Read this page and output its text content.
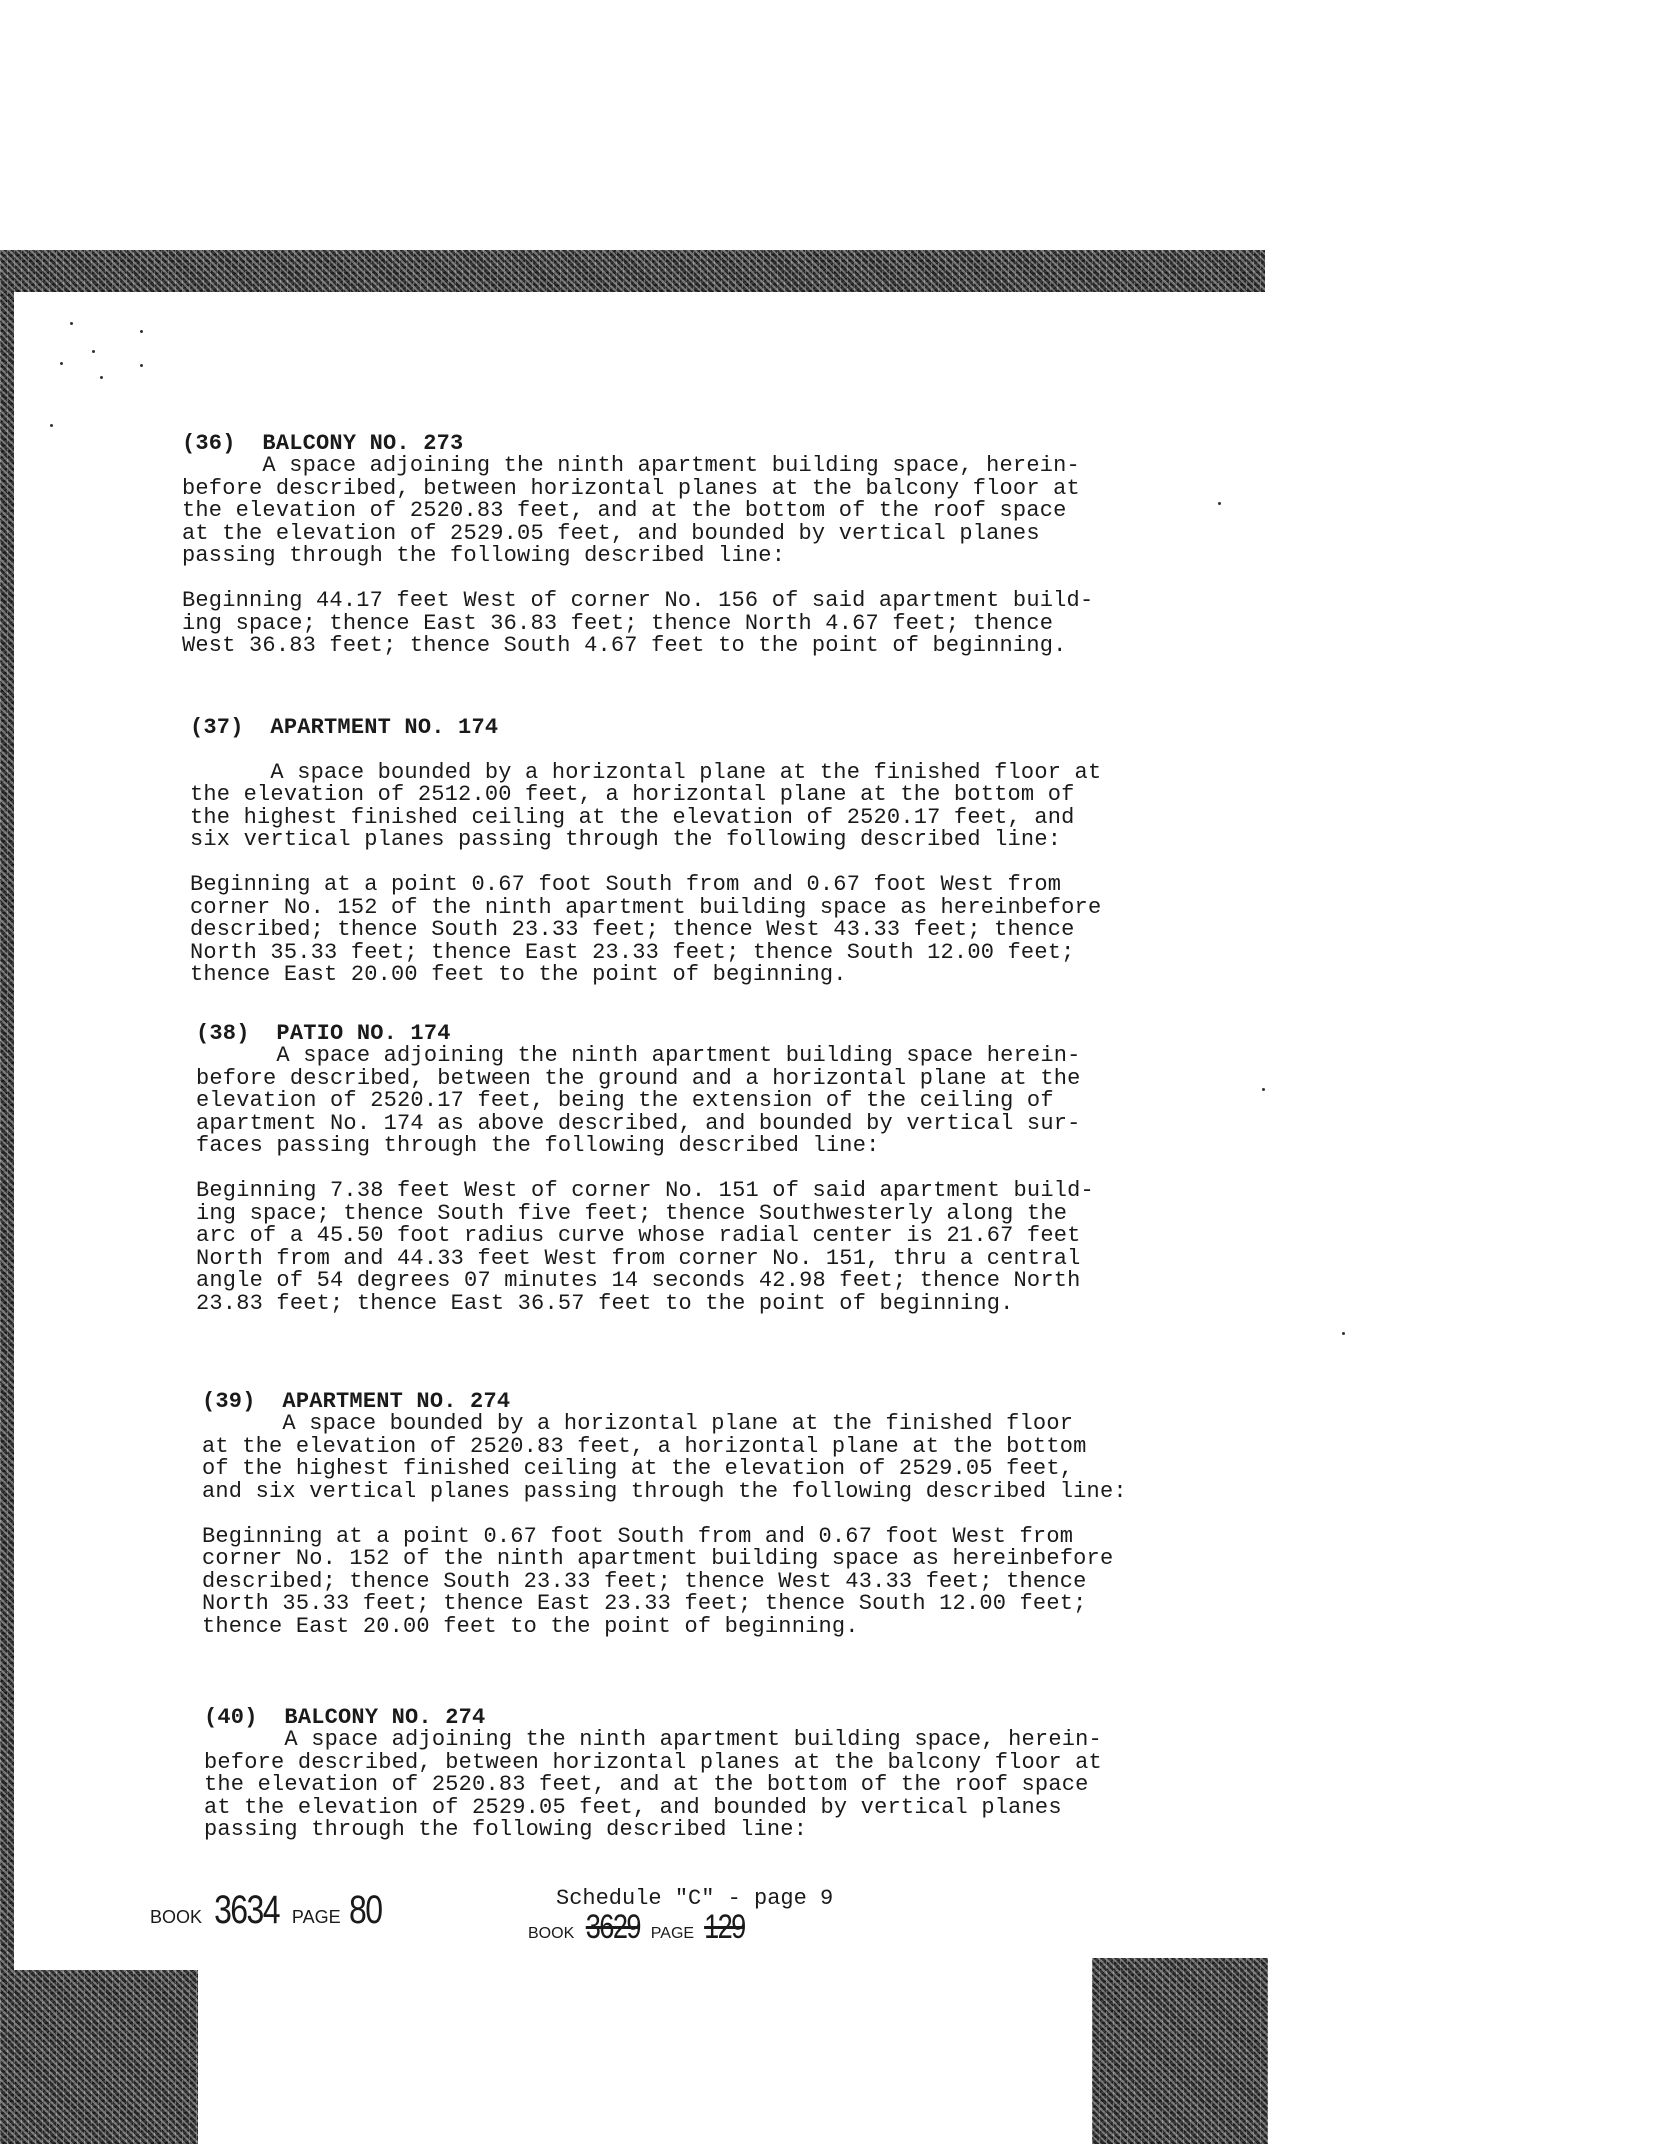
(36)  BALCONY NO. 273
A space adjoining the ninth apartment building space, herein-
before described, between horizontal planes at the balcony floor at
the elevation of 2520.83 feet, and at the bottom of the roof space
at the elevation of 2529.05 feet, and bounded by vertical planes
passing through the following described line:

Beginning 44.17 feet West of corner No. 156 of said apartment build-
ing space; thence East 36.83 feet; thence North 4.67 feet; thence
West 36.83 feet; thence South 4.67 feet to the point of beginning.

(37)  APARTMENT NO. 174

A space bounded by a horizontal plane at the finished floor at
the elevation of 2512.00 feet, a horizontal plane at the bottom of
the highest finished ceiling at the elevation of 2520.17 feet, and
six vertical planes passing through the following described line:

Beginning at a point 0.67 foot South from and 0.67 foot West from
corner No. 152 of the ninth apartment building space as hereinbefore
described; thence South 23.33 feet; thence West 43.33 feet; thence
North 35.33 feet; thence East 23.33 feet; thence South 12.00 feet;
thence East 20.00 feet to the point of beginning.

(38)  PATIO NO. 174
A space adjoining the ninth apartment building space herein-
before described, between the ground and a horizontal plane at the
elevation of 2520.17 feet, being the extension of the ceiling of
apartment No. 174 as above described, and bounded by vertical sur-
faces passing through the following described line:

Beginning 7.38 feet West of corner No. 151 of said apartment build-
ing space; thence South five feet; thence Southwesterly along the
arc of a 45.50 foot radius curve whose radial center is 21.67 feet
North from and 44.33 feet West from corner No. 151, thru a central
angle of 54 degrees 07 minutes 14 seconds 42.98 feet; thence North
23.83 feet; thence East 36.57 feet to the point of beginning.

(39)  APARTMENT NO. 274
A space bounded by a horizontal plane at the finished floor
at the elevation of 2520.83 feet, a horizontal plane at the bottom
of the highest finished ceiling at the elevation of 2529.05 feet,
and six vertical planes passing through the following described line:

Beginning at a point 0.67 foot South from and 0.67 foot West from
corner No. 152 of the ninth apartment building space as hereinbefore
described; thence South 23.33 feet; thence West 43.33 feet; thence
North 35.33 feet; thence East 23.33 feet; thence South 12.00 feet;
thence East 20.00 feet to the point of beginning.

(40)  BALCONY NO. 274
A space adjoining the ninth apartment building space, herein-
before described, between horizontal planes at the balcony floor at
the elevation of 2520.83 feet, and at the bottom of the roof space
at the elevation of 2529.05 feet, and bounded by vertical planes
passing through the following described line:

BOOK 3634 PAGE 80	Schedule "C" - page 9
BOOK 3629 PAGE 129
